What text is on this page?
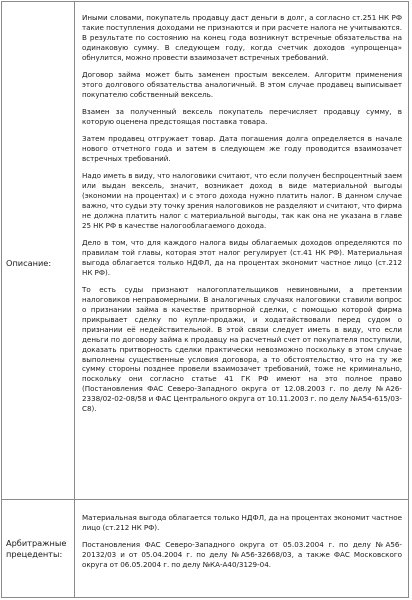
Описание:

Иными словами, покупатель продавцу даст деньги в долг, а согласно ст.251 НК РФ такие поступления доходами не признаются и при расчете налога не учитываются. В результате по состоянию на конец года возникнут встречные обязательства на одинаковую сумму. В следующем году, когда счетчик доходов «упрощенца» обнулится, можно провести взаимозачет встречных требований.

Договор займа может быть заменен простым векселем. Алгоритм применения этого долгового обязательства аналогичный. В этом случае продавец выписывает покупателю собственный вексель.

Взамен за полученный вексель покупатель перечисляет продавцу сумму, в которую оценена предстоящая поставка товара.

Затем продавец отгружает товар. Дата погашения долга определяется в начале нового отчетного года и затем в следующем же году проводится взаимозачет встречных требований.

Надо иметь в виду, что налоговики считают, что если получен беспроцентный заем или выдан вексель, значит, возникает доход в виде материальной выгоды (экономии на процентах) и с этого дохода нужно платить налог. В данном случае важно, что судьи эту точку зрения налоговиков не разделяют и считают, что фирма не должна платить налог с материальной выгоды, так как она не указана в главе 25 НК РФ в качестве налогооблагаемого дохода.

Дело в том, что для каждого налога виды облагаемых доходов определяются по правилам той главы, которая этот налог регулирует (ст.41 НК РФ). Материальная выгода облагается только НДФЛ, да на процентах экономит частное лицо (ст.212 НК РФ).

То есть суды признают налогоплательщиков невиновными, а претензии налоговиков неправомерными. В аналогичных случаях налоговики ставили вопрос о признании займа в качестве притворной сделки, с помощью которой фирма прикрывает сделку по купли-продажи, и ходатайствовали перед судом о признании её недействительной. В этой связи следует иметь в виду, что если деньги по договору займа к продавцу на расчетный счет от покупателя поступили, доказать притворность сделки практически невозможно поскольку в этом случае выполнены существенные условия договора, а то обстоятельство, что на ту же сумму стороны позднее провели взаимозачет требований, тоже не криминально, поскольку они согласно статье 41 ГК РФ имеют на это полное право (Постановления ФАС Северо-Западного округа от 12.08.2003 г. по делу №А26-2338/02-02-08/58 и ФАС Центрального округа от 10.11.2003 г. по делу №А54-615/03-С8).

Арбитражные прецеденты:

Материальная выгода облагается только НДФЛ, да на процентах экономит частное лицо (ст.212 НК РФ).

Постановления ФАС Северо-Западного округа от 05.03.2004 г. по делу №А56-20132/03 и от 05.04.2004 г. по делу №А56-32668/03, а также ФАС Московского округа от 06.05.2004 г. по делу №КА-А40/3129-04.
